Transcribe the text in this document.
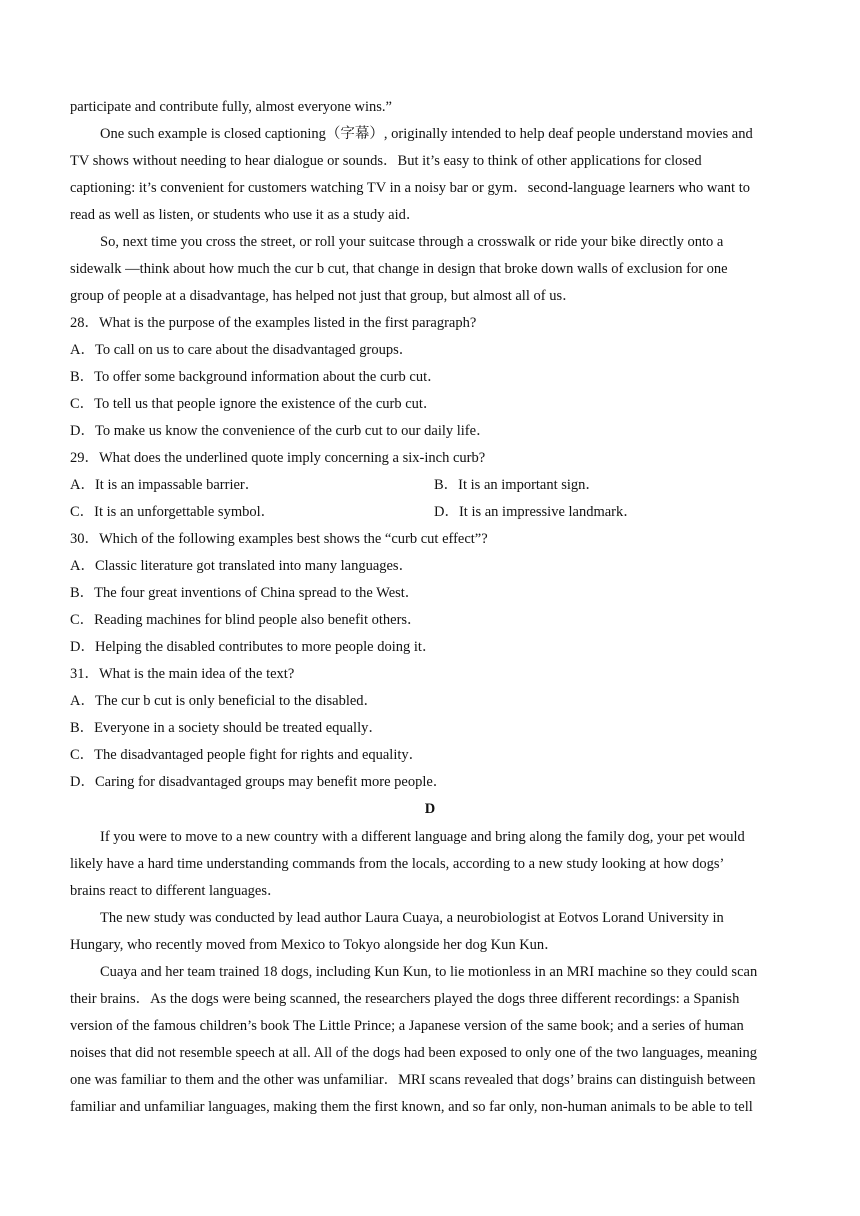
participate and contribute fully, almost everyone wins.”
One such example is closed captioning（字幕）, originally intended to help deaf people understand movies and
TV shows without needing to hear dialogue or sounds．But it’s easy to think of other applications for closed
captioning: it’s convenient for customers watching TV in a noisy bar or gym．second-language learners who want to
read as well as listen, or students who use it as a study aid．
So, next time you cross the street, or roll your suitcase through a crosswalk or ride your bike directly onto a
sidewalk —think about how much the cur b cut, that change in design that broke down walls of exclusion for one
group of people at a disadvantage, has helped not just that group, but almost all of us．
28．What is the purpose of the examples listed in the first paragraph?
A．To call on us to care about the disadvantaged groups．
B．To offer some background information about the curb cut．
C．To tell us that people ignore the existence of the curb cut．
D．To make us know the convenience of the curb cut to our daily life．
29．What does the underlined quote imply concerning a six-inch curb?
A．It is an impassable barrier．	B．It is an important sign．
C．It is an unforgettable symbol．	D．It is an impressive landmark．
30．Which of the following examples best shows the “curb cut effect”?
A．Classic literature got translated into many languages．
B．The four great inventions of China spread to the West．
C．Reading machines for blind people also benefit others．
D．Helping the disabled contributes to more people doing it．
31．What is the main idea of the text?
A．The cur b cut is only beneficial to the disabled．
B．Everyone in a society should be treated equally．
C．The disadvantaged people fight for rights and equality．
D．Caring for disadvantaged groups may benefit more people．
D
If you were to move to a new country with a different language and bring along the family dog, your pet would
likely have a hard time understanding commands from the locals, according to a new study looking at how dogs’
brains react to different languages．
The new study was conducted by lead author Laura Cuaya, a neurobiologist at Eotvos Lorand University in
Hungary, who recently moved from Mexico to Tokyo alongside her dog Kun Kun．
Cuaya and her team trained 18 dogs, including Kun Kun, to lie motionless in an MRI machine so they could scan
their brains．As the dogs were being scanned, the researchers played the dogs three different recordings: a Spanish
version of the famous children’s book The Little Prince; a Japanese version of the same book; and a series of human
noises that did not resemble speech at all. All of the dogs had been exposed to only one of the two languages, meaning
one was familiar to them and the other was unfamiliar．MRI scans revealed that dogs’ brains can distinguish between
familiar and unfamiliar languages, making them the first known, and so far only, non-human animals to be able to tell
